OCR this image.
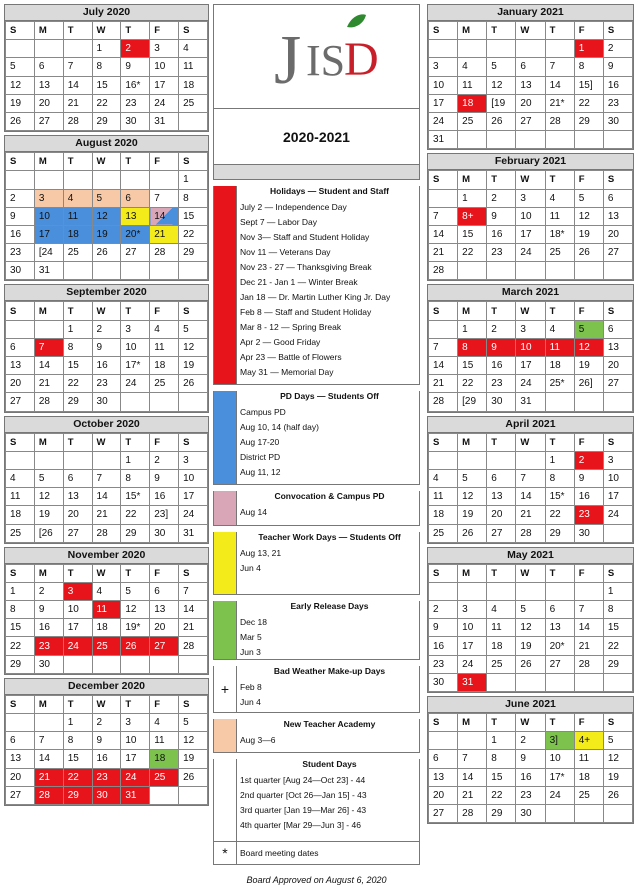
July 2020
S	M	T	W	T	F	S
			1	2	3	4
5	6	7	8	9	10	11
12	13	14	15	16*	17	18
19	20	21	22	23	24	25
26	27	28	29	30	31	
August 2020
S	M	T	W	T	F	S
						1
2	3	4	5	6	7	8
9	10	11	12	13	14	15
16	17	18	19	20*	21	22
23	[24	25	26	27	28	29
30	31					
September 2020
S	M	T	W	T	F	S
		1	2	3	4	5
6	7	8	9	10	11	12
13	14	15	16	17*	18	19
20	21	22	23	24	25	26
27	28	29	30			
October 2020
S	M	T	W	T	F	S
				1	2	3
4	5	6	7	8	9	10
11	12	13	14	15*	16	17
18	19	20	21	22	23]	24
25	[26	27	28	29	30	31
November 2020
S	M	T	W	T	F	S
1	2	3	4	5	6	7
8	9	10	11	12	13	14
15	16	17	18	19*	20	21
22	23	24	25	26	27	28
29	30					
December 2020
S	M	T	W	T	F	S
		1	2	3	4	5
6	7	8	9	10	11	12
13	14	15	16	17	18	19
20	21	22	23	24	25	26
27	28	29	30	31		
J IS
D
2020-2021
Holidays — Student and Staff
July 2 — Independence Day
Sept 7 — Labor Day
Nov 3— Staff and Student Holiday
Nov 11 — Veterans Day
Nov 23 - 27 — Thanksgiving Break
Dec 21 - Jan 1 — Winter Break
Jan 18 — Dr. Martin Luther King Jr. Day
Feb 8 — Staff and Student Holiday
Mar 8 - 12 — Spring Break
Apr 2 — Good Friday
Apr 23 — Battle of Flowers
May 31 — Memorial Day
PD Days — Students Off
Campus PD
Aug 10, 14 (half day)
Aug 17-20
District PD
Aug 11, 12
Convocation & Campus PD
Aug 14
Teacher Work Days — Students Off
Aug 13, 21
Jun 4
Early Release Days
Dec 18
Mar 5
Jun 3
+
Bad Weather Make-up Days
Feb 8
Jun 4
New Teacher Academy
Aug 3—6
Student Days
1st quarter [Aug 24—Oct 23] - 44
2nd quarter [Oct 26—Jan 15] - 43
3rd quarter [Jan 19—Mar 26] - 43
4th quarter [Mar 29—Jun 3] - 46
*	Board meeting dates
Board Approved on August 6, 2020
January 2021
S	M	T	W	T	F	S
					1	2
3	4	5	6	7	8	9
10	11	12	13	14	15]	16
17	18	[19	20	21*	22	23
24	25	26	27	28	29	30
31						
February 2021
S	M	T	W	T	F	S
	1	2	3	4	5	6
7	8+	9	10	11	12	13
14	15	16	17	18*	19	20
21	22	23	24	25	26	27
28						
March 2021
S	M	T	W	T	F	S
	1	2	3	4	5	6
7	8	9	10	11	12	13
14	15	16	17	18	19	20
21	22	23	24	25*	26]	27
28	[29	30	31			
April 2021
S	M	T	W	T	F	S
				1	2	3
4	5	6	7	8	9	10
11	12	13	14	15*	16	17
18	19	20	21	22	23	24
25	26	27	28	29	30	
May 2021
S	M	T	W	T	F	S
						1
2	3	4	5	6	7	8
9	10	11	12	13	14	15
16	17	18	19	20*	21	22
23	24	25	26	27	28	29
30	31					
June 2021
S	M	T	W	T	F	S
		1	2	3]	4+	5
6	7	8	9	10	11	12
13	14	15	16	17*	18	19
20	21	22	23	24	25	26
27	28	29	30			
